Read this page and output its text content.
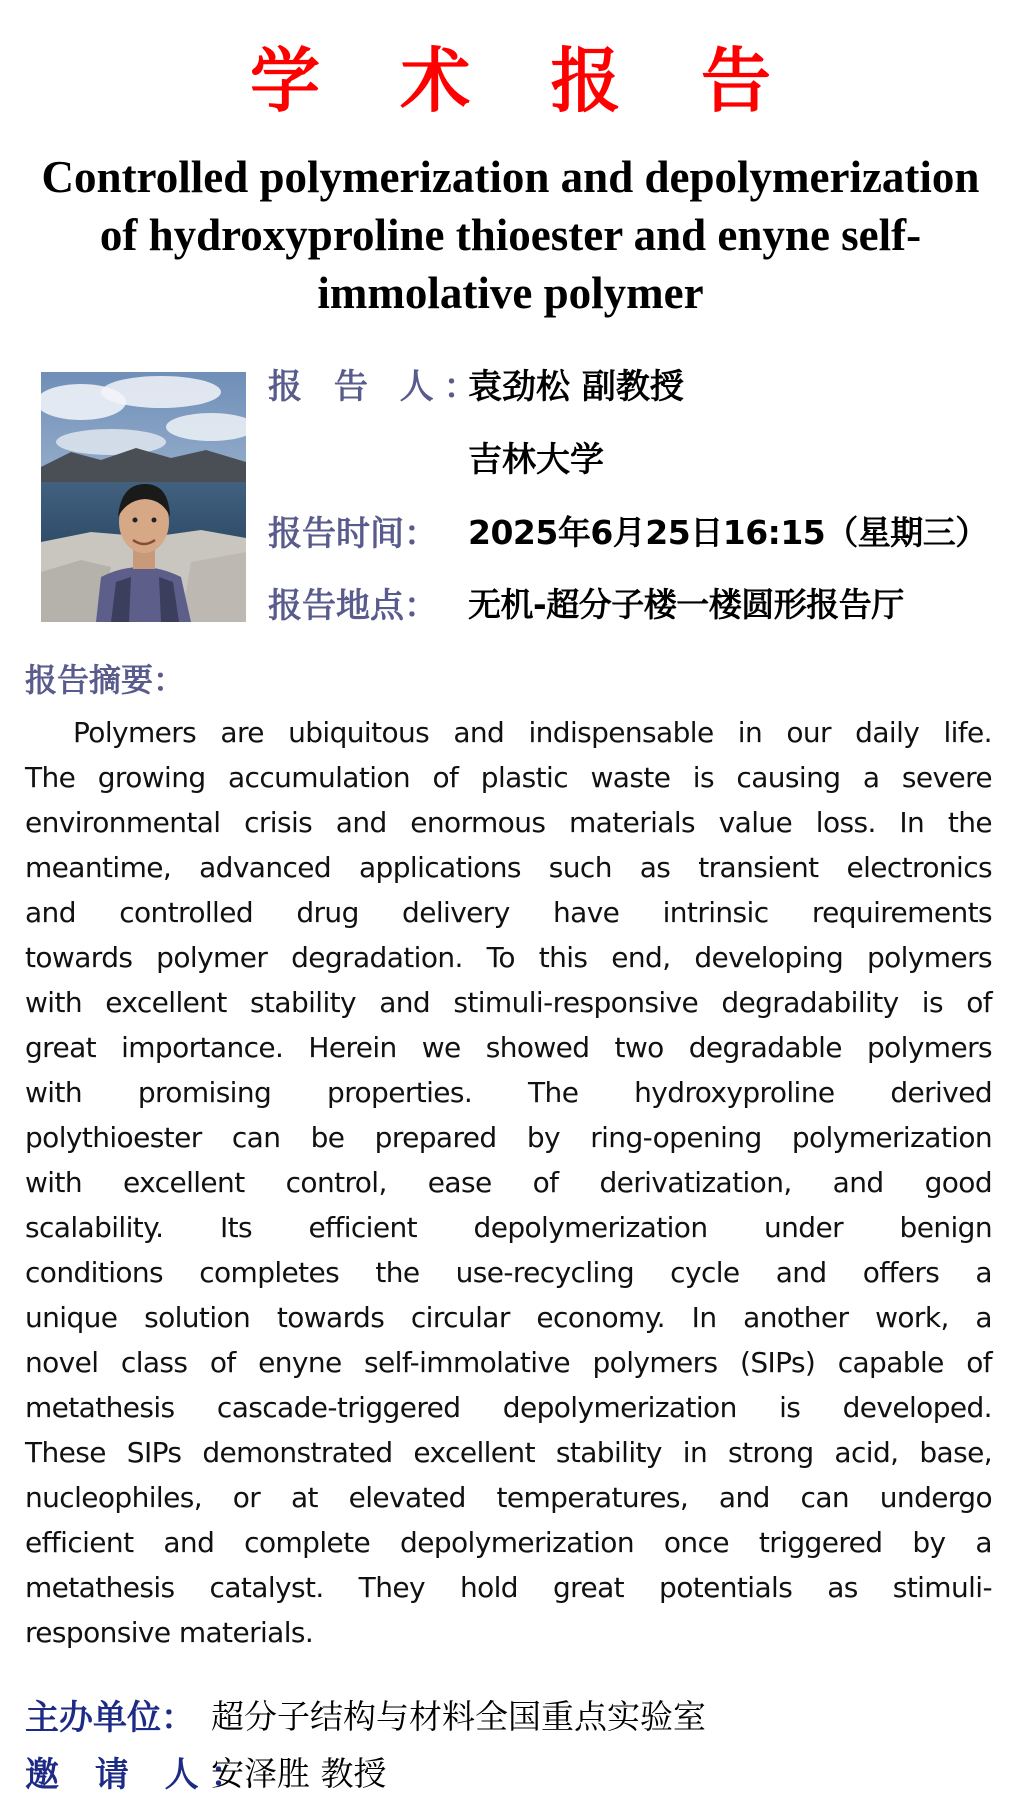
学 术 报 告
Controlled polymerization and depolymerization
of hydroxyproline thioester and enyne self-
immolative polymer
报 告 人：
袁劲松 副教授
吉林大学
报告时间： 2025年6月25日16:15（星期三）
报告地点： 无机-超分子楼一楼圆形报告厅
报告摘要：
Polymers are ubiquitous and indispensable in our daily life.
The growing accumulation of plastic waste is causing a severe
environmental crisis and enormous materials value loss. In the
meantime, advanced applications such as transient electronics
and controlled drug delivery have intrinsic requirements
towards polymer degradation. To this end, developing polymers
with excellent stability and stimuli-responsive degradability is of
great importance. Herein we showed two degradable polymers
with promising properties. The hydroxyproline derived
polythioester can be prepared by ring-opening polymerization
with excellent control, ease of derivatization, and good
scalability. Its efficient depolymerization under benign
conditions completes the use-recycling cycle and offers a
unique solution towards circular economy. In another work, a
novel class of enyne self-immolative polymers (SIPs) capable of
metathesis cascade-triggered depolymerization is developed.
These SIPs demonstrated excellent stability in strong acid, base,
nucleophiles, or at elevated temperatures, and can undergo
efficient and complete depolymerization once triggered by a
metathesis catalyst. They hold great potentials as stimuli-
responsive materials.
主办单位： 超分子结构与材料全国重点实验室
邀 请 人：
安泽胜 教授
